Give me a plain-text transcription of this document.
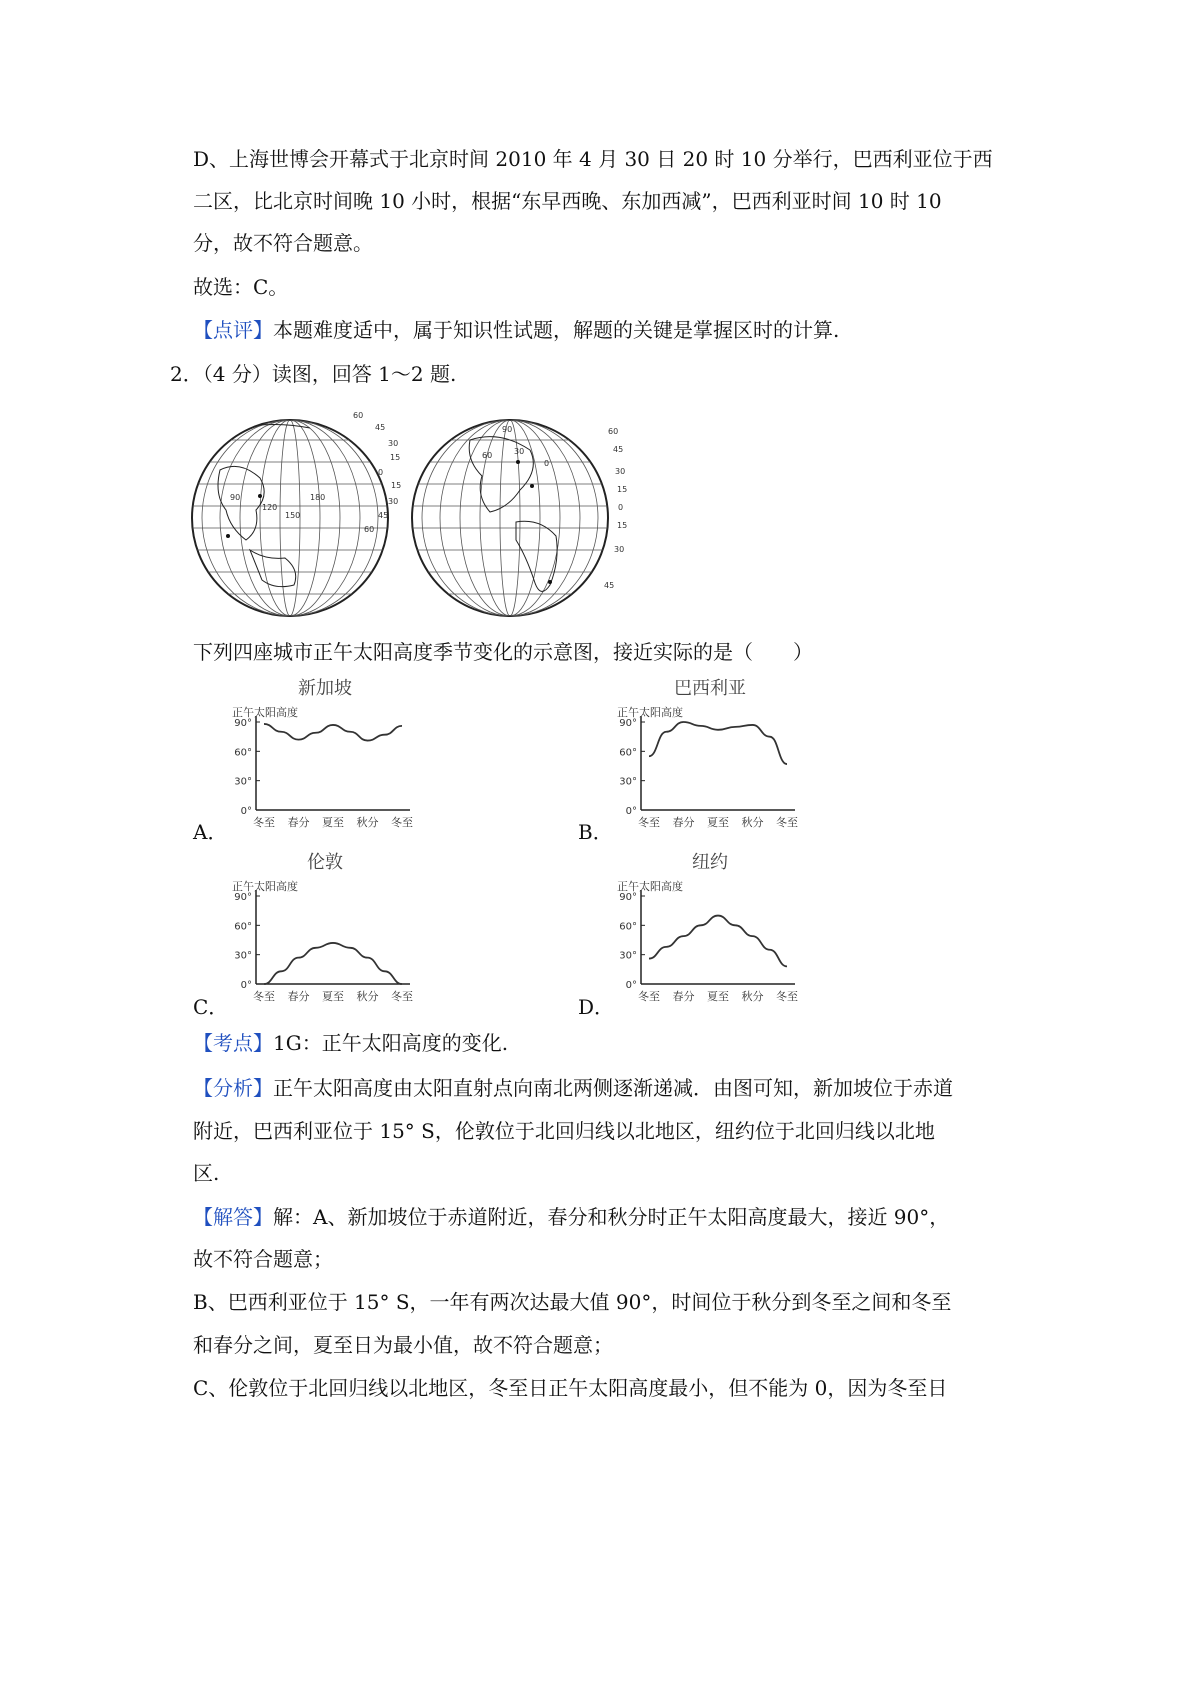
D、上海世博会开幕式于北京时间 2010 年 4 月 30 日 20 时 10 分举行，巴西利亚位于西
二区，比北京时间晚 10 小时，根据“东早西晚、东加西减”，巴西利亚时间 10 时 10
分，故不符合题意。
故选：C。
【点评】本题难度适中，属于知识性试题，解题的关键是掌握区时的计算.
2．（4 分）读图，回答 1～2 题.
60
45
30
15
0
15
30
45
60
90
120
150
180
60
45
30
15
0
15
30
45
90
60	30
0
下列四座城市正午太阳高度季节变化的示意图，接近实际的是（　　）
A．	B．
C．	D．
新加坡
正午太阳高度
0°
30°
60°
90°
冬至 春分 夏至 秋分 冬至
巴西利亚
正午太阳高度
0°
30°
60°
90°
冬至 春分 夏至 秋分 冬至
伦敦
正午太阳高度
0°
30°
60°
90°
冬至 春分 夏至 秋分 冬至
纽约
正午太阳高度
0°
30°
60°
90°
冬至 春分 夏至 秋分 冬至
【考点】1G：正午太阳高度的变化.
【分析】正午太阳高度由太阳直射点向南北两侧逐渐递减．由图可知，新加坡位于赤道
附近，巴西利亚位于 15° S，伦敦位于北回归线以北地区，纽约位于北回归线以北地
区.
【解答】解：A、新加坡位于赤道附近，春分和秋分时正午太阳高度最大，接近 90°，
故不符合题意；
B、巴西利亚位于 15° S，一年有两次达最大值 90°，时间位于秋分到冬至之间和冬至
和春分之间，夏至日为最小值，故不符合题意；
C、伦敦位于北回归线以北地区，冬至日正午太阳高度最小，但不能为 0，因为冬至日
